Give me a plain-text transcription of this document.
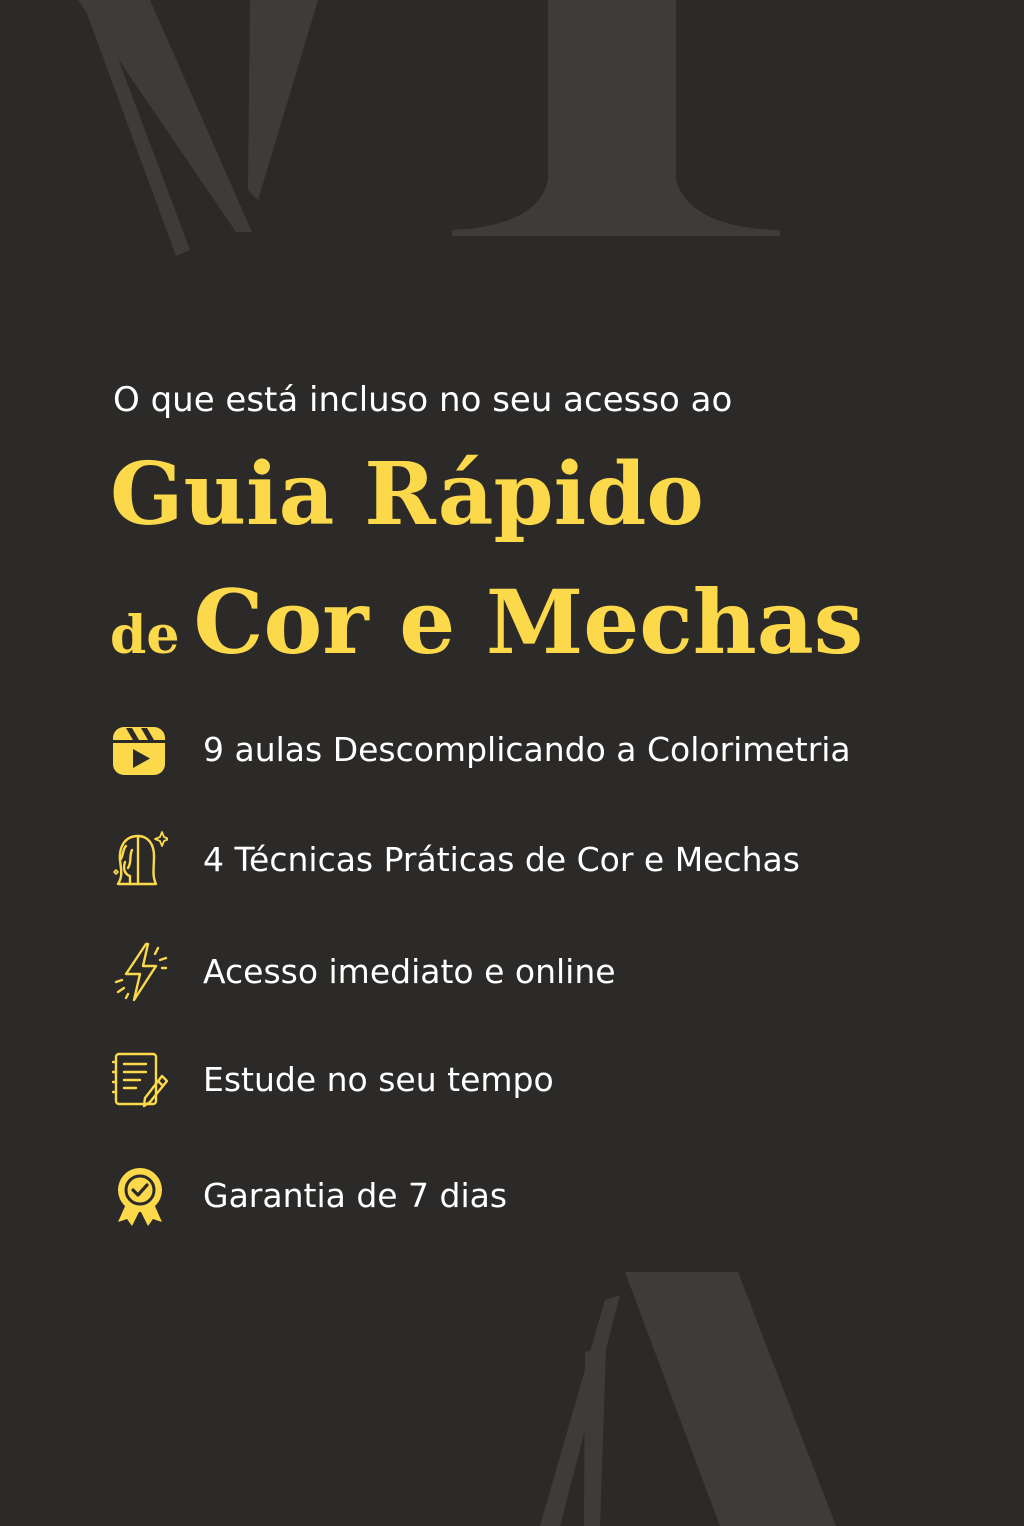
O que está incluso no seu acesso ao

Guia Rápido
de Cor e Mechas
9 aulas Descomplicando a Colorimetria
4 Técnicas Práticas de Cor e Mechas
Acesso imediato e online
Estude no seu tempo
Garantia de 7 dias
